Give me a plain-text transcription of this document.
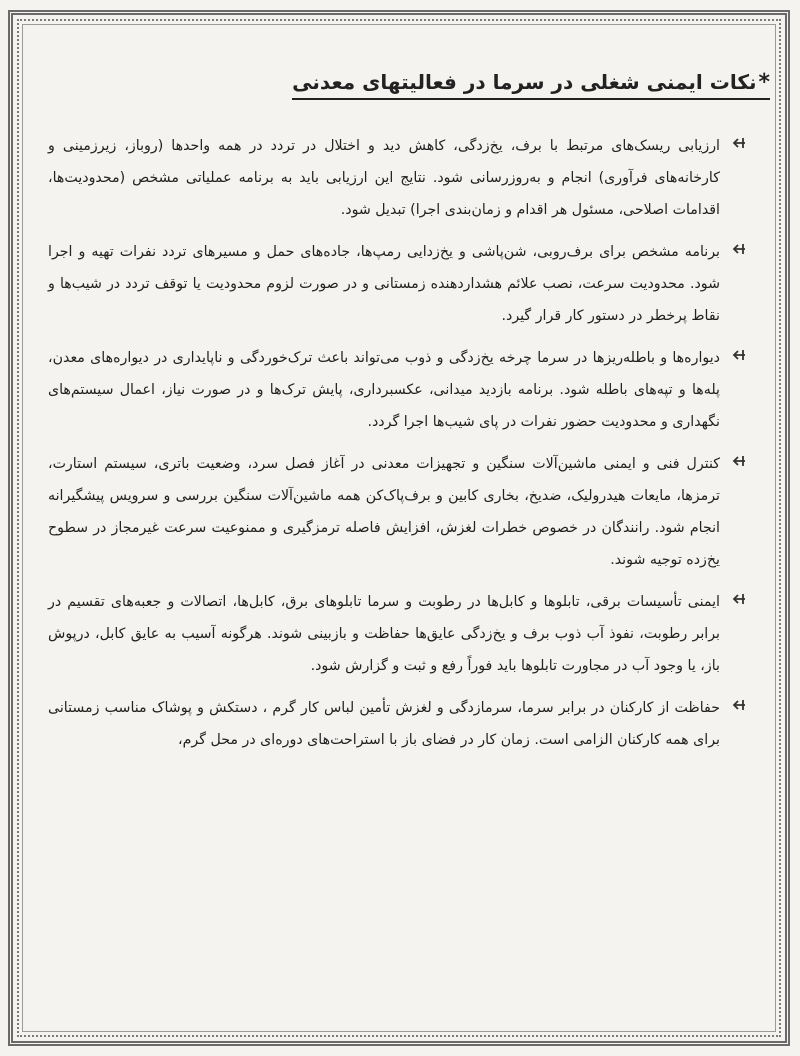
*نکات ایمنی شغلی در سرما در فعالیتهای معدنی
ارزیابی ریسک‌های مرتبط با برف، یخ‌زدگی، کاهش دید و اختلال در تردد در همه واحدها (روباز، زیرزمینی و کارخانه‌های فرآوری) انجام و به‌روزرسانی شود. نتایج این ارزیابی باید به برنامه عملیاتی مشخص (محدودیت‌ها، اقدامات اصلاحی، مسئول هر اقدام و زمان‌بندی اجرا) تبدیل شود.
برنامه مشخص برای برف‌روبی، شن‌پاشی و یخ‌زدایی رمپ‌ها، جاده‌های حمل و مسیرهای تردد نفرات تهیه و اجرا شود. محدودیت سرعت، نصب علائم هشداردهنده زمستانی و در صورت لزوم محدودیت یا توقف تردد در شیب‌ها و نقاط پرخطر در دستور کار قرار گیرد.
دیواره‌ها و باطله‌ریزها در سرما چرخه یخ‌زدگی و ذوب می‌تواند باعث ترک‌خوردگی و ناپایداری در دیواره‌های معدن، پله‌ها و تپه‌های باطله شود. برنامه بازدید میدانی، عکسبرداری، پایش ترک‌ها و در صورت نیاز، اعمال سیستم‌های نگهداری و محدودیت حضور نفرات در پای شیب‌ها اجرا گردد.
کنترل فنی و ایمنی ماشین‌آلات سنگین و تجهیزات معدنی در آغاز فصل سرد، وضعیت باتری، سیستم استارت، ترمزها، مایعات هیدرولیک، ضدیخ، بخاری کابین و برف‌پاک‌کن همه ماشین‌آلات سنگین بررسی و سرویس پیشگیرانه انجام شود. رانندگان در خصوص خطرات لغزش، افزایش فاصله ترمزگیری و ممنوعیت سرعت غیرمجاز در سطوح یخ‌زده توجیه شوند.
ایمنی تأسیسات برقی، تابلوها و کابل‌ها در رطوبت و سرما تابلوهای برق، کابل‌ها، اتصالات و جعبه‌های تقسیم در برابر رطوبت، نفوذ آب ذوب برف و یخ‌زدگی عایق‌ها حفاظت و بازبینی شوند. هرگونه آسیب به عایق کابل، درپوش باز، یا وجود آب در مجاورت تابلوها باید فوراً رفع و ثبت و گزارش شود.
حفاظت از کارکنان در برابر سرما، سرمازدگی و لغزش تأمین لباس کار گرم ، دستکش و پوشاک مناسب زمستانی برای همه کارکنان الزامی است. زمان کار در فضای باز با استراحت‌های دوره‌ای در محل گرم،
